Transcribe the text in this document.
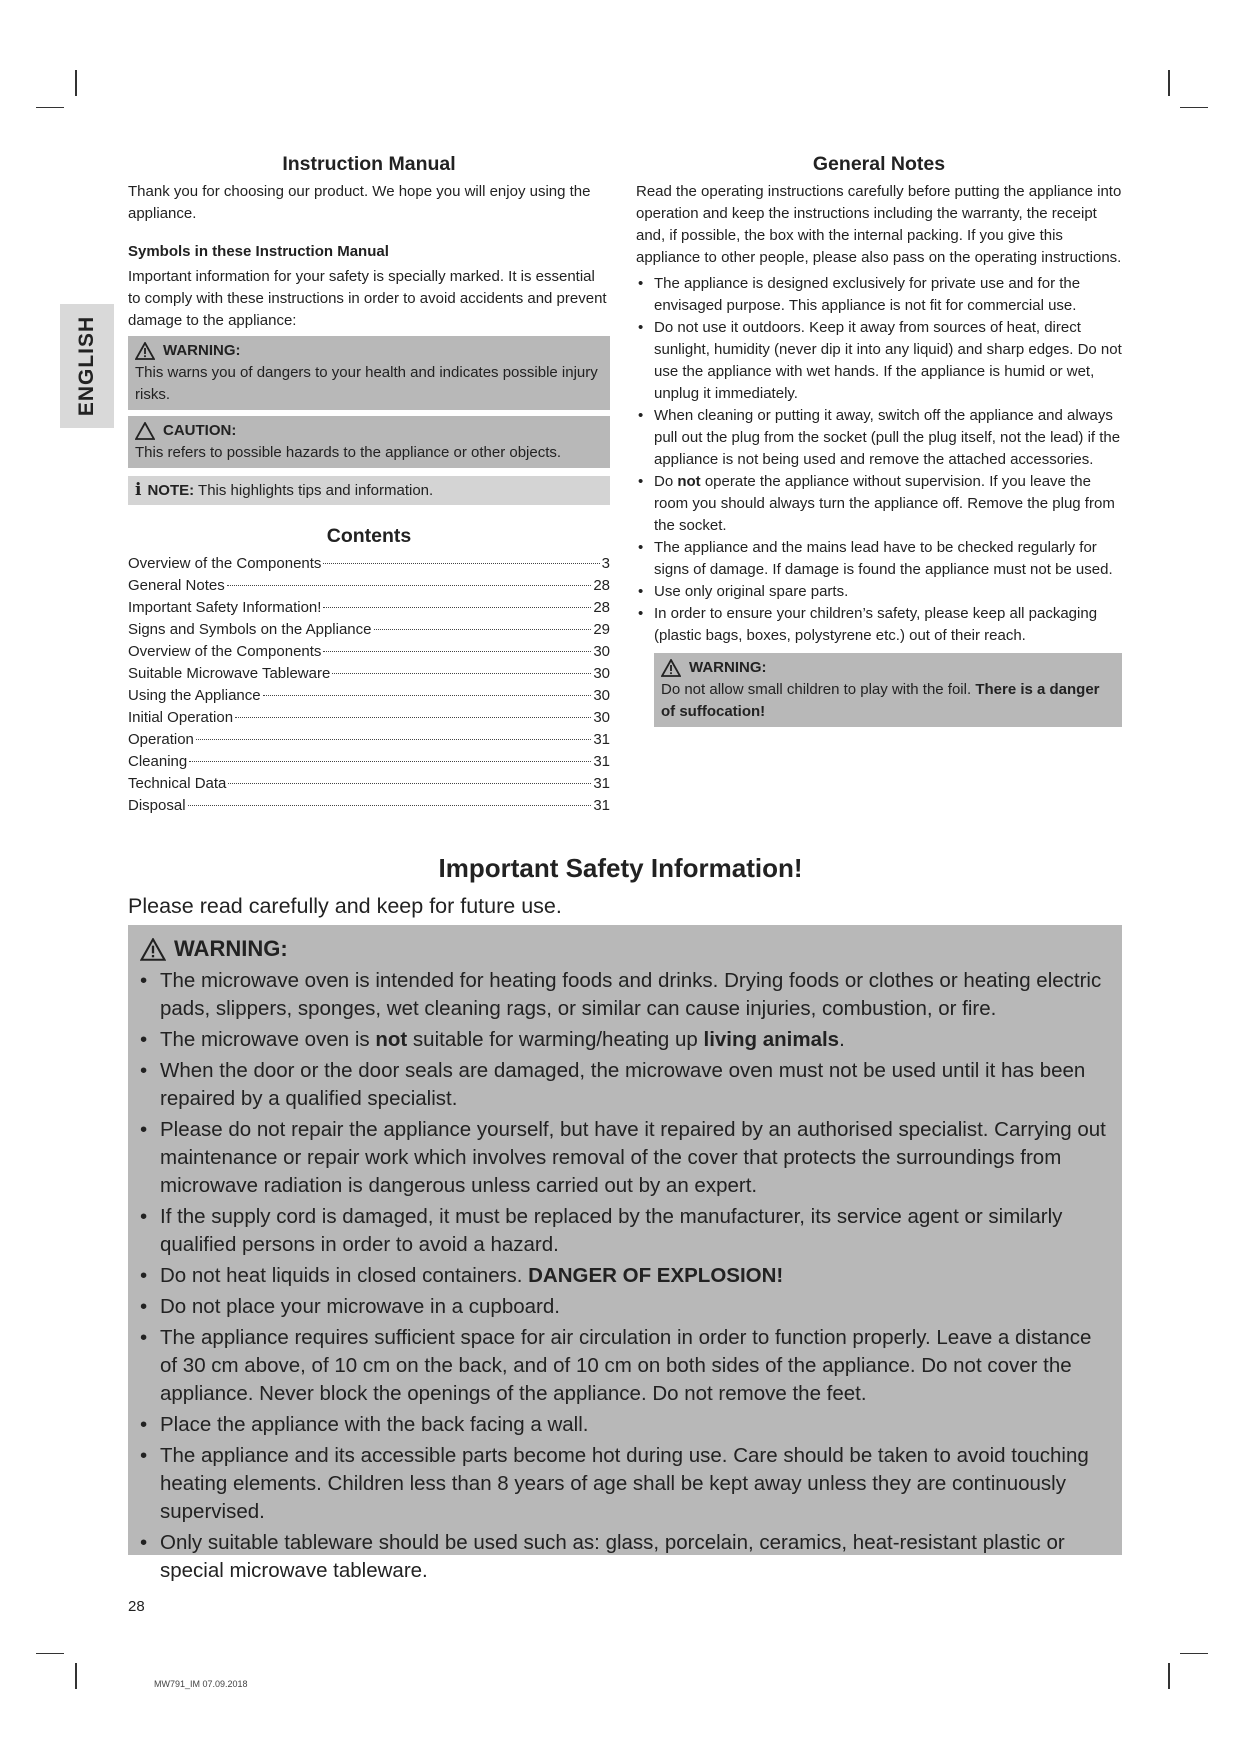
ENGLISH
Instruction Manual

Thank you for choosing our product. We hope you will enjoy using the appliance.

Symbols in these Instruction Manual

Important information for your safety is specially marked. It is essential to comply with these instructions in order to avoid accidents and prevent damage to the appliance:

WARNING:

This warns you of dangers to your health and indicates possible injury risks.

CAUTION:

This refers to possible hazards to the appliance or other objects.

i NOTE: This highlights tips and information.
Contents
Overview of the Components	3
General Notes	28
Important Safety Information!	28
Signs and Symbols on the Appliance	29
Overview of the Components	30
Suitable Microwave Tableware	30
Using the Appliance	30
Initial Operation	30
Operation	31
Cleaning	31
Technical Data	31
Disposal	31
General Notes

Read the operating instructions carefully before putting the appliance into operation and keep the instructions including the warranty, the receipt and, if possible, the box with the internal packing. If you give this appliance to other people, please also pass on the operating instructions.

• The appliance is designed exclusively for private use and for the envisaged purpose. This appliance is not fit for commercial use.
• Do not use it outdoors. Keep it away from sources of heat, direct sunlight, humidity (never dip it into any liquid) and sharp edges. Do not use the appliance with wet hands. If the appliance is humid or wet, unplug it immediately.
• When cleaning or putting it away, switch off the appliance and always pull out the plug from the socket (pull the plug itself, not the lead) if the appliance is not being used and remove the attached accessories.
• Do not operate the appliance without supervision. If you leave the room you should always turn the appliance off. Remove the plug from the socket.
• The appliance and the mains lead have to be checked regularly for signs of damage. If damage is found the appliance must not be used.
• Use only original spare parts.
• In order to ensure your children’s safety, please keep all packaging (plastic bags, boxes, polystyrene etc.) out of their reach.
WARNING:

Do not allow small children to play with the foil. There is a danger of suffocation!

Important Safety Information!
Please read carefully and keep for future use.
WARNING:
• The microwave oven is intended for heating foods and drinks. Drying foods or clothes or heating electric pads, slippers, sponges, wet cleaning rags, or similar can cause injuries, combustion, or fire.
• The microwave oven is not suitable for warming/heating up living animals.
• When the door or the door seals are damaged, the microwave oven must not be used until it has been repaired by a qualified specialist.
• Please do not repair the appliance yourself, but have it repaired by an authorised specialist. Carrying out maintenance or repair work which involves removal of the cover that protects the surroundings from microwave radiation is dangerous unless carried out by an expert.
• If the supply cord is damaged, it must be replaced by the manufacturer, its service agent or similarly qualified persons in order to avoid a hazard.
• Do not heat liquids in closed containers. DANGER OF EXPLOSION!
• Do not place your microwave in a cupboard.
• The appliance requires sufficient space for air circulation in order to function properly. Leave a distance of 30 cm above, of 10 cm on the back, and of 10 cm on both sides of the appliance. Do not cover the appliance. Never block the openings of the appliance. Do not remove the feet.
• Place the appliance with the back facing a wall.
• The appliance and its accessible parts become hot during use. Care should be taken to avoid touching heating elements. Children less than 8 years of age shall be kept away unless they are continuously supervised.
• Only suitable tableware should be used such as: glass, porcelain, ceramics, heat-resistant plastic or special microwave tableware.
28
MW791_IM 07.09.2018
